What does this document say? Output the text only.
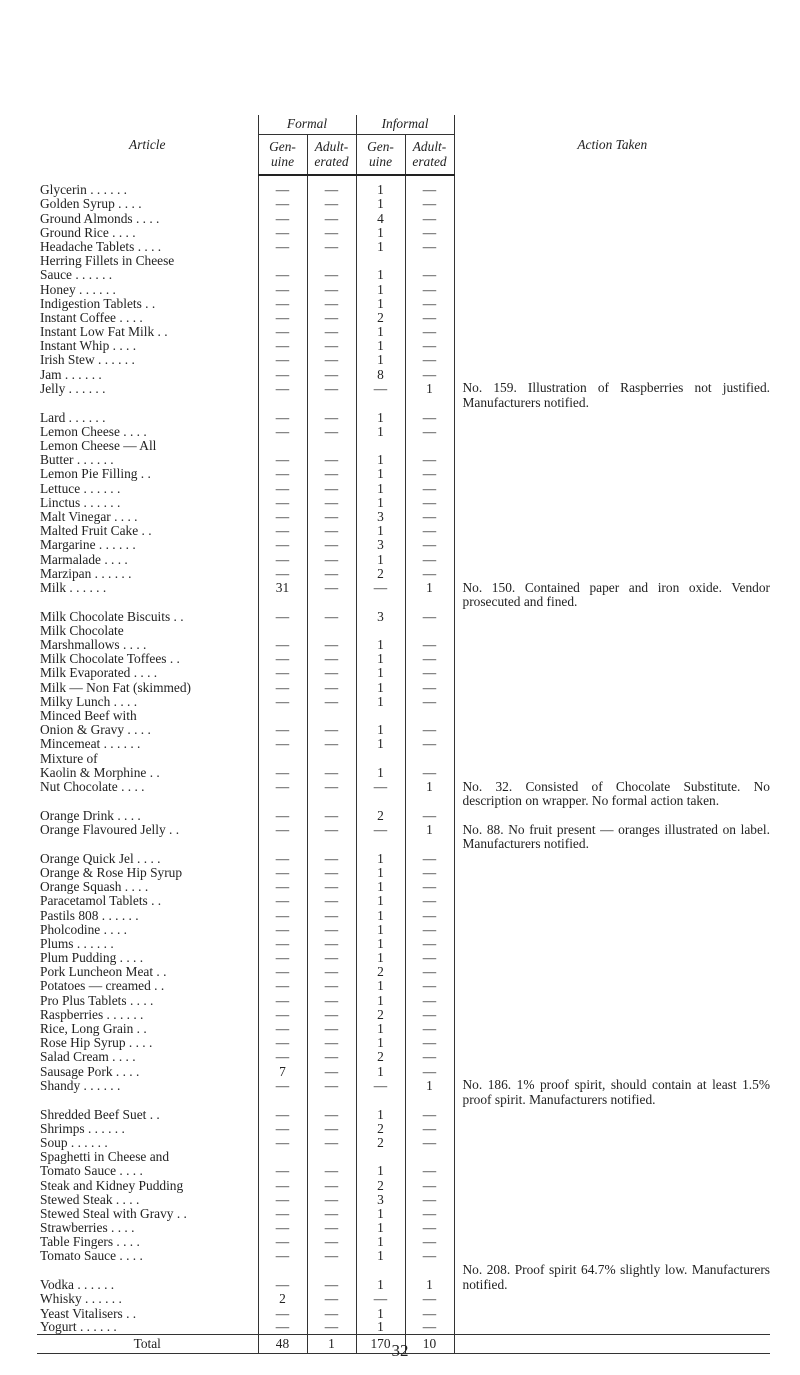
Article	Formal		Informal		Action Taken
	Gen- uine	Adult- erated	Gen- uine	Adult- erated	
Glycerin . . . . . .	—	—	1	—	
Golden Syrup . . . .	—	—	1	—	
Ground Almonds . . . .	—	—	4	—	
Ground Rice . . . .	—	—	1	—	
Headache Tablets . . . .	—	—	1	—	
Herring Fillets in Cheese					
Sauce . . . . . .	—	—	1	—	
Honey . . . . . .	—	—	1	—	
Indigestion Tablets . .	—	—	1	—	
Instant Coffee . . . .	—	—	2	—	
Instant Low Fat Milk . .	—	—	1	—	
Instant Whip . . . .	—	—	1	—	
Irish Stew . . . . . .	—	—	1	—	
Jam . . . . . .	—	—	8	—	
Jelly . . . . . .	—	—	—	1	No. 159. Illustration of Raspberries not justified. Manufacturers notified.

Lard . . . . . .	—	—	1	—	
Lemon Cheese . . . .	—	—	1	—	
Lemon Cheese — All					
Butter . . . . . .	—	—	1	—	
Lemon Pie Filling . .	—	—	1	—	
Lettuce . . . . . .	—	—	1	—	
Linctus . . . . . .	—	—	1	—	
Malt Vinegar . . . .	—	—	3	—	
Malted Fruit Cake . .	—	—	1	—	
Margarine . . . . . .	—	—	3	—	
Marmalade . . . .	—	—	1	—	
Marzipan . . . . . .	—	—	2	—	
Milk . . . . . .	31	—	—	1	No. 150. Contained paper and iron oxide. Vendor prosecuted and fined.

Milk Chocolate Biscuits . .	—	—	3	—	
Milk Chocolate					
Marshmallows . . . .	—	—	1	—	
Milk Chocolate Toffees . .	—	—	1	—	
Milk Evaporated . . . .	—	—	1	—	
Milk — Non Fat (skimmed)	—	—	1	—	
Milky Lunch . . . .	—	—	1	—	
Minced Beef with					
Onion & Gravy . . . .	—	—	1	—	
Mincemeat . . . . . .	—	—	1	—	
Mixture of					
Kaolin & Morphine . .	—	—	1	—	
Nut Chocolate . . . .	—	—	—	1	No. 32. Consisted of Chocolate Substitute. No description on wrapper. No formal action taken.

Orange Drink . . . .	—	—	2	—	
Orange Flavoured Jelly . .	—	—	—	1	No. 88. No fruit present — oranges illustrated on label. Manufacturers notified.

Orange Quick Jel . . . .	—	—	1	—	
Orange & Rose Hip Syrup	—	—	1	—	
Orange Squash . . . .	—	—	1	—	
Paracetamol Tablets . .	—	—	1	—	
Pastils 808 . . . . . .	—	—	1	—	
Pholcodine . . . .	—	—	1	—	
Plums . . . . . .	—	—	1	—	
Plum Pudding . . . .	—	—	1	—	
Pork Luncheon Meat . .	—	—	2	—	
Potatoes — creamed . .	—	—	1	—	
Pro Plus Tablets . . . .	—	—	1	—	
Raspberries . . . . . .	—	—	2	—	
Rice, Long Grain . .	—	—	1	—	
Rose Hip Syrup . . . .	—	—	1	—	
Salad Cream . . . .	—	—	2	—	
Sausage Pork . . . .	7	—	1	—	
Shandy . . . . . .	—	—	—	1	No. 186. 1% proof spirit, should contain at least 1.5% proof spirit. Manufacturers notified.

Shredded Beef Suet . .	—	—	1	—	
Shrimps . . . . . .	—	—	2	—	
Soup . . . . . .	—	—	2	—	
Spaghetti in Cheese and					
Tomato Sauce . . . .	—	—	1	—	
Steak and Kidney Pudding	—	—	2	—	
Stewed Steak . . . .	—	—	3	—	
Stewed Steal with Gravy . .	—	—	1	—	
Strawberries . . . .	—	—	1	—	
Table Fingers . . . .	—	—	1	—	
Tomato Sauce . . . .	—	—	1	—	
Vodka . . . . . .	—	—	1	1	No. 208. Proof spirit 64.7% slightly low. Manufacturers notified.
Whisky . . . . . .	2	—	—	—	
Yeast Vitalisers . .	—	—	1	—	
Yogurt . . . . . .	—	—	1	—	
Total	48	1	170	10	
32
